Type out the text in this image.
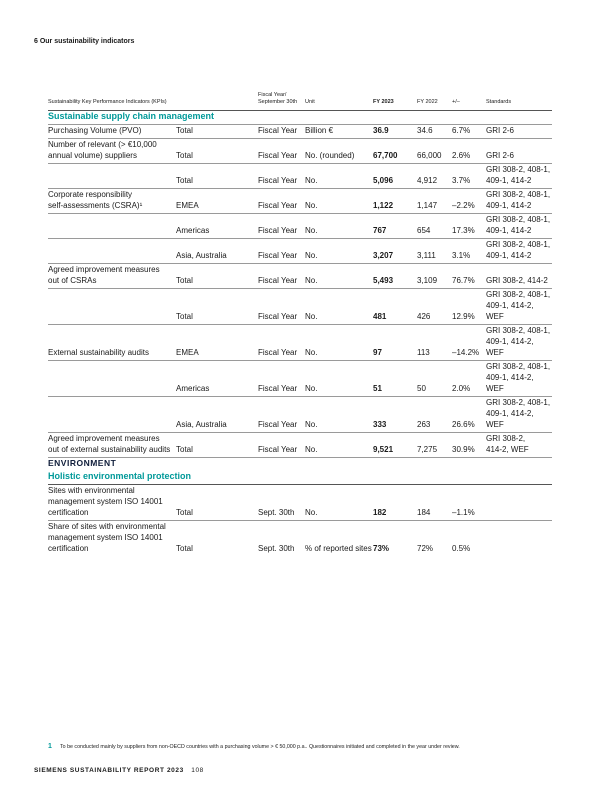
6 Our sustainability indicators
Sustainability Key Performance Indicators (KPIs)		Fiscal Year/ September 30th	Unit	FY 2023	FY 2022	+/–	Standards
Sustainable supply chain management							
Purchasing Volume (PVO)	Total	Fiscal Year	Billion €	36.9	34.6	6.7%	GRI 2-6
Number of relevant (> €10,000
annual volume) suppliers	Total	Fiscal Year	No. (rounded)	67,700	66,000	2.6%	GRI 2-6
	Total	Fiscal Year	No.	5,096	4,912	3.7%	GRI 308-2, 408-1,
409-1, 414-2
Corporate responsibility
self-assessments (CSRA)¹	EMEA	Fiscal Year	No.	1,122	1,147	–2.2%	GRI 308-2, 408-1,
409-1, 414-2
	Americas	Fiscal Year	No.	767	654	17.3%	GRI 308-2, 408-1,
409-1, 414-2
	Asia, Australia	Fiscal Year	No.	3,207	3,111	3.1%	GRI 308-2, 408-1,
409-1, 414-2
Agreed improvement measures
out of CSRAs	Total	Fiscal Year	No.	5,493	3,109	76.7%	GRI 308-2, 414-2
	Total	Fiscal Year	No.	481	426	12.9%	GRI 308-2, 408-1,
409-1, 414-2,
WEF
External sustainability audits	EMEA	Fiscal Year	No.	97	113	–14.2%	GRI 308-2, 408-1,
409-1, 414-2,
WEF
	Americas	Fiscal Year	No.	51	50	2.0%	GRI 308-2, 408-1,
409-1, 414-2,
WEF
	Asia, Australia	Fiscal Year	No.	333	263	26.6%	GRI 308-2, 408-1,
409-1, 414-2,
WEF
Agreed improvement measures
out of external sustainability audits	Total	Fiscal Year	No.	9,521	7,275	30.9%	GRI 308-2,
414-2, WEF
ENVIRONMENT							
Holistic environmental protection							
Sites with environmental
management system ISO 14001
certification	Total	Sept. 30th	No.	182	184	–1.1%	
Share of sites with environmental
management system ISO 14001
certification	Total	Sept. 30th	% of reported sites	73%	72%	0.5%	
1	To be conducted mainly by suppliers from non-OECD countries with a purchasing volume > € 50,000 p.a.. Questionnaires initiated and completed in the year under review.
SIEMENS SUSTAINABILITY REPORT 2023 108
